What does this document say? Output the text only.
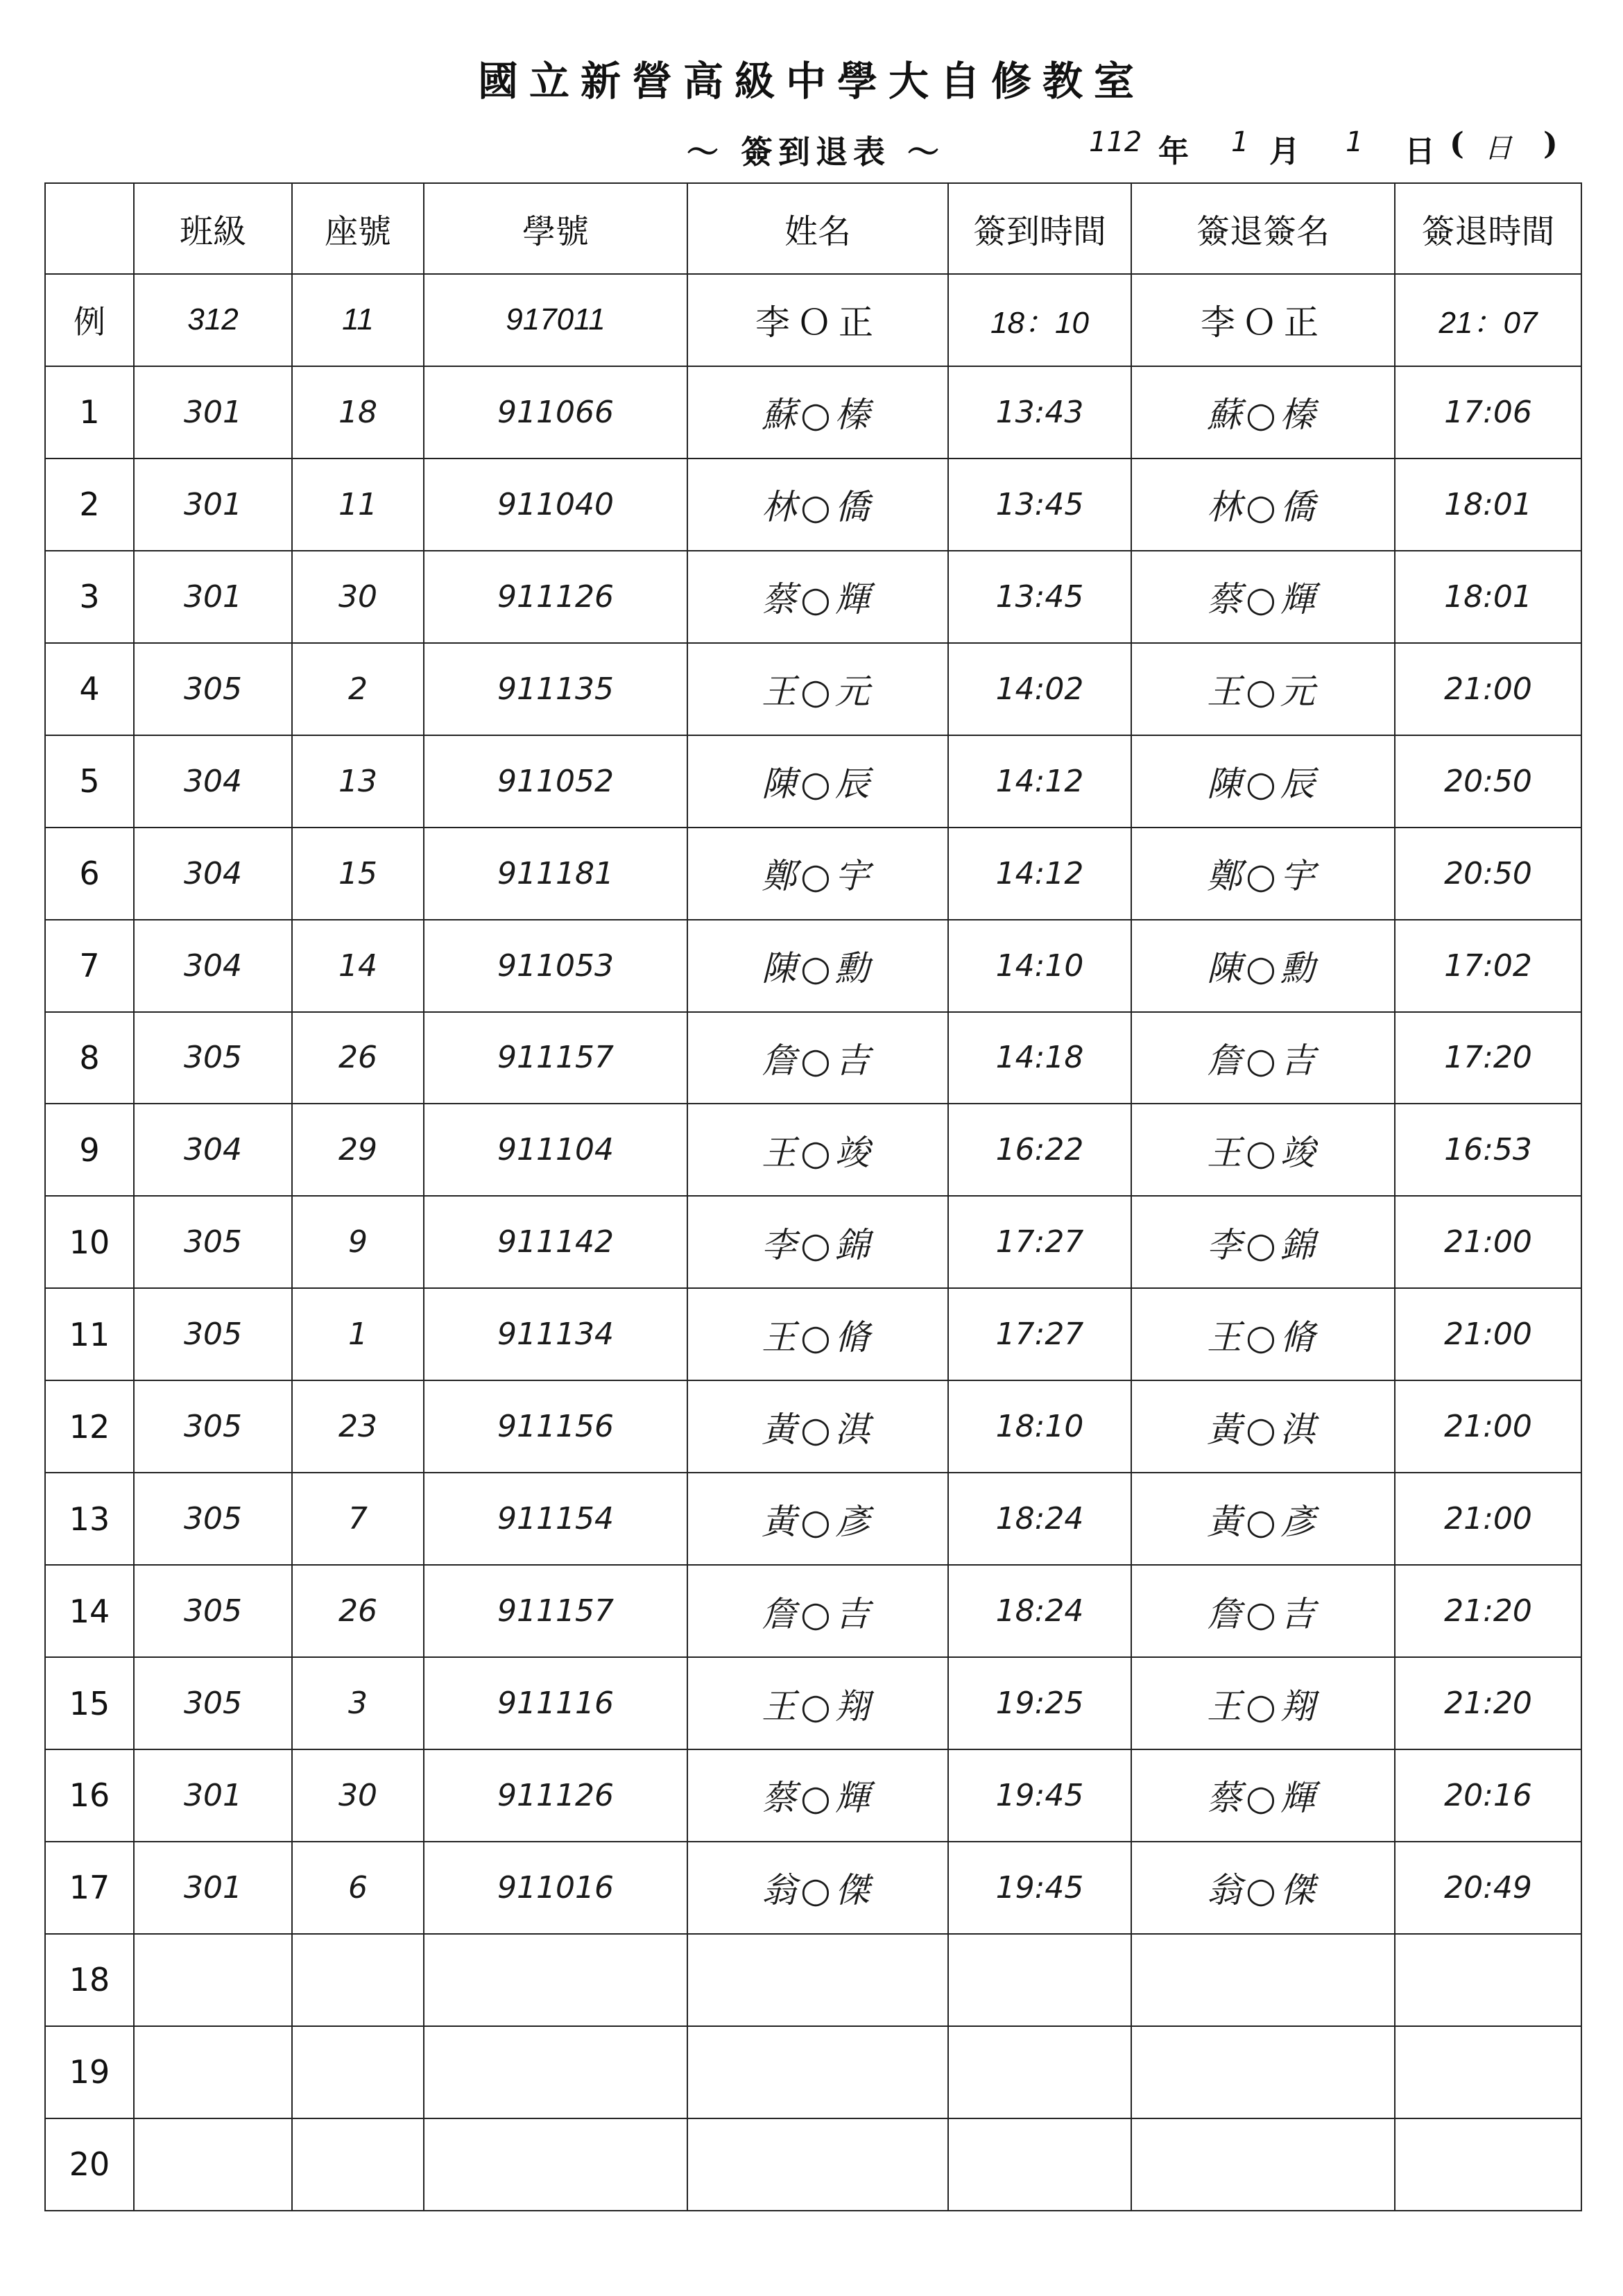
國立新營高級中學大自修教室
～ 簽到退表 ～	112 年 1 月 1 日 ( 日 )
	班級	座號	學號	姓名	簽到時間	簽退簽名	簽退時間
例	312	11	917011	李Ｏ正	18：10	李Ｏ正	21：07
1	301	18	911066	蘇○榛	13:43	蘇○榛	17:06
2	301	11	911040	林○僑	13:45	林○僑	18:01
3	301	30	911126	蔡○輝	13:45	蔡○輝	18:01
4	305	2	911135	王○元	14:02	王○元	21:00
5	304	13	911052	陳○辰	14:12	陳○辰	20:50
6	304	15	911181	鄭○宇	14:12	鄭○宇	20:50
7	304	14	911053	陳○勳	14:10	陳○勳	17:02
8	305	26	911157	詹○吉	14:18	詹○吉	17:20
9	304	29	911104	王○竣	16:22	王○竣	16:53
10	305	9	911142	李○錦	17:27	李○錦	21:00
11	305	1	911134	王○脩	17:27	王○脩	21:00
12	305	23	911156	黃○淇	18:10	黃○淇	21:00
13	305	7	911154	黃○彥	18:24	黃○彥	21:00
14	305	26	911157	詹○吉	18:24	詹○吉	21:20
15	305	3	911116	王○翔	19:25	王○翔	21:20
16	301	30	911126	蔡○輝	19:45	蔡○輝	20:16
17	301	6	911016	翁○傑	19:45	翁○傑	20:49
18							
19							
20							
